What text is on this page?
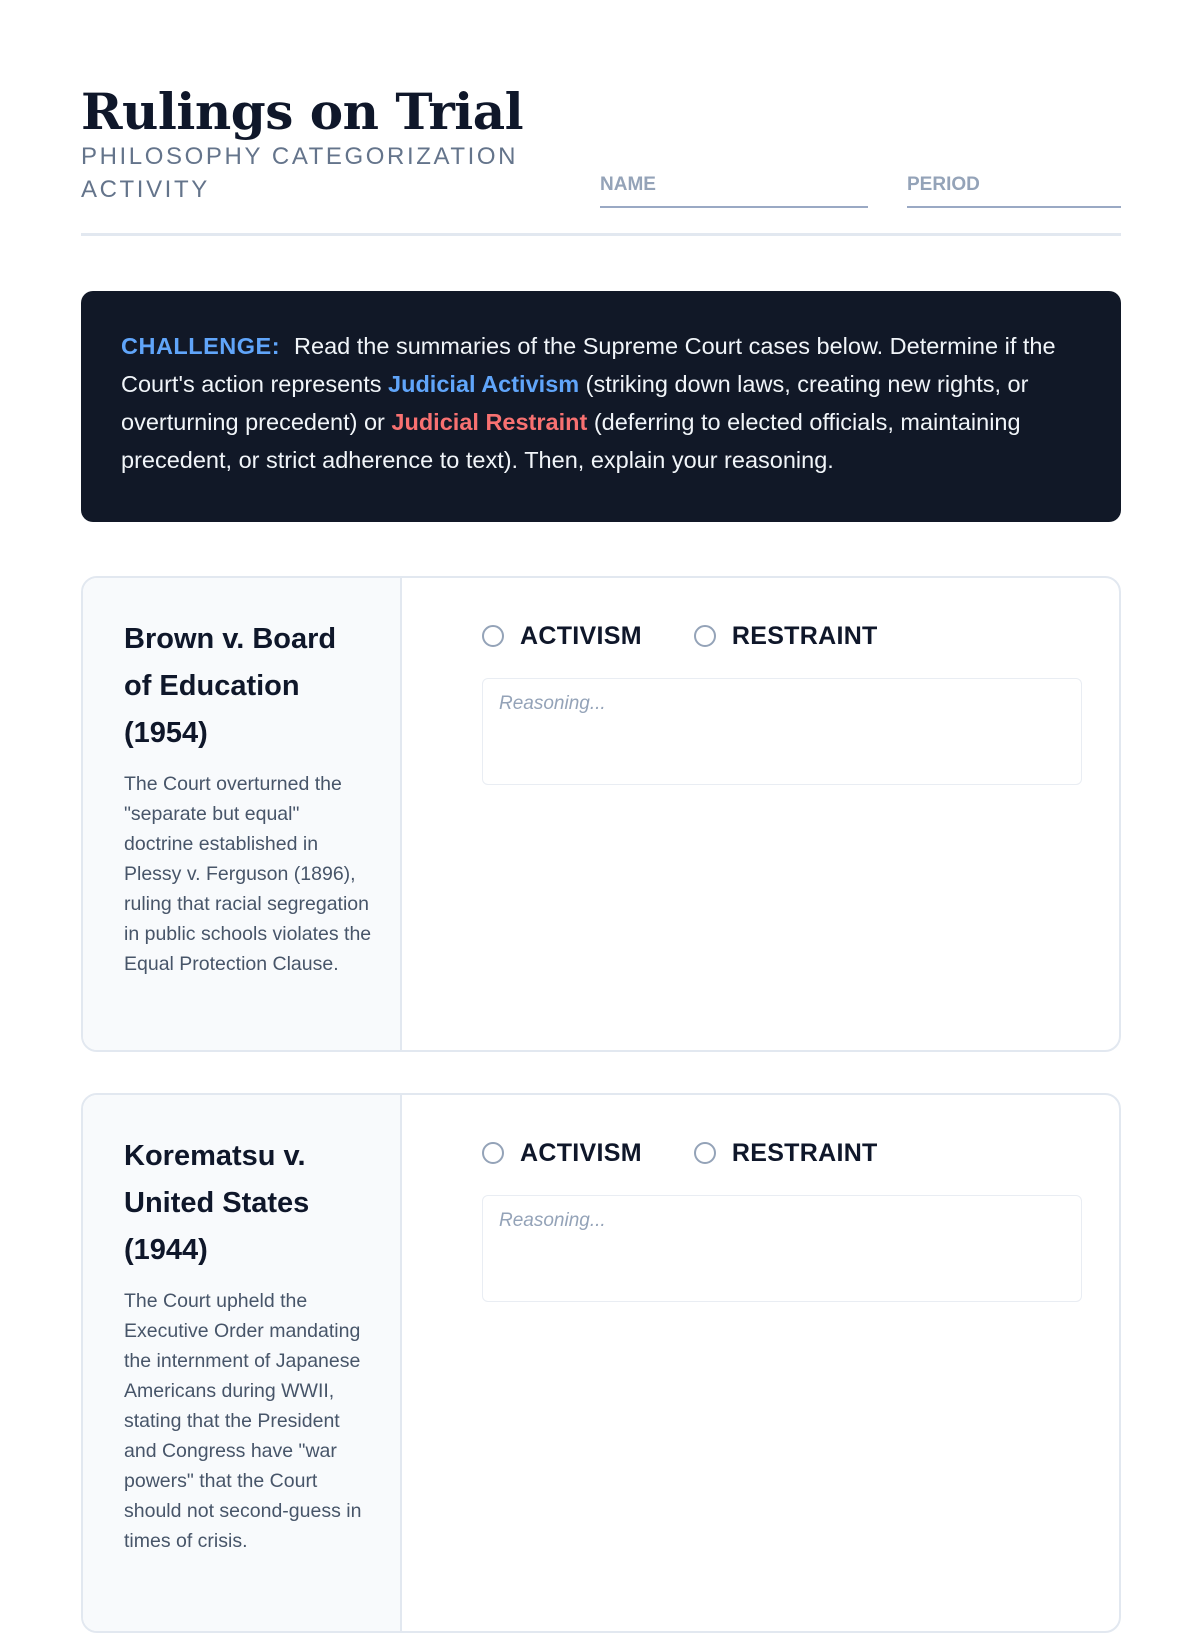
Rulings on Trial
PHILOSOPHY CATEGORIZATION ACTIVITY	NAME	PERIOD
CHALLENGE: Read the summaries of the Supreme Court cases below. Determine if the Court's action represents Judicial Activism (striking down laws, creating new rights, or overturning precedent) or Judicial Restraint (deferring to elected officials, maintaining precedent, or strict adherence to text). Then, explain your reasoning.
Brown v. Board of Education (1954)
The Court overturned the "separate but equal" doctrine established in Plessy v. Ferguson (1896), ruling that racial segregation in public schools violates the Equal Protection Clause.
ACTIVISM	RESTRAINT
Reasoning...
Korematsu v. United States (1944)
The Court upheld the Executive Order mandating the internment of Japanese Americans during WWII, stating that the President and Congress have "war powers" that the Court should not second-guess in times of crisis.
ACTIVISM	RESTRAINT
Reasoning...
